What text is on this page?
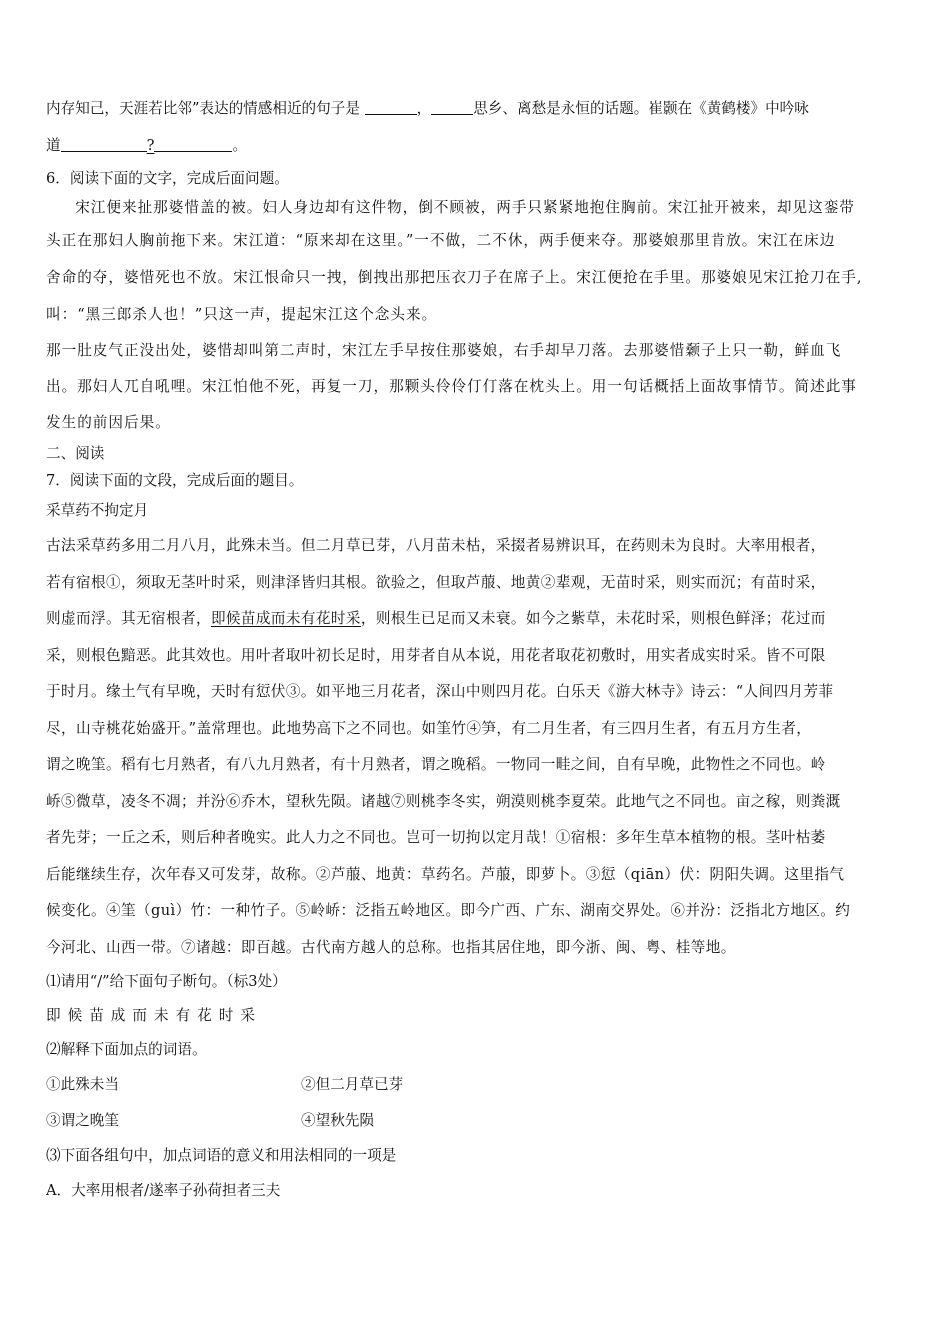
内存知己，天涯若比邻”表达的情感相近的句子是	，	思乡、离愁是永恒的话题。崔颢在《黄鹤楼》中吟咏
道	?	。
6．阅读下面的文字，完成后面问题。
宋江便来扯那婆惜盖的被。妇人身边却有这件物，倒不顾被，两手只紧紧地抱住胸前。宋江扯开被来，却见这銮带
头正在那妇人胸前拖下来。宋江道：“原来却在这里。”一不做，二不休，两手便来夺。那婆娘那里肯放。宋江在床边
舍命的夺，婆惜死也不放。宋江恨命只一拽，倒拽出那把压衣刀子在席子上。宋江便抢在手里。那婆娘见宋江抢刀在手,
叫：“黑三郎杀人也！”只这一声，提起宋江这个念头来。
那一肚皮气正没出处，婆惜却叫第二声时，宋江左手早按住那婆娘，右手却早刀落。去那婆惜颡子上只一勒，鲜血飞
出。那妇人兀自吼哩。宋江怕他不死，再复一刀，那颗头伶伶仃仃落在枕头上。用一句话概括上面故事情节。简述此事
发生的前因后果。
二、阅读
7．阅读下面的文段，完成后面的题目。
采草药不拘定月
古法采草药多用二月八月，此殊未当。但二月草已芽，八月苗未枯，采掇者易辨识耳，在药则未为良时。大率用根者，
若有宿根①，须取无茎叶时采，则津泽皆归其根。欲验之，但取芦菔、地黄②辈观，无苗时采，则实而沉；有苗时采，
则虚而浮。其无宿根者，即候苗成而未有花时采，则根生已足而又未衰。如今之紫草，未花时采，则根色鲜泽；花过而
采，则根色黯恶。此其效也。用叶者取叶初长足时，用芽者自从本说，用花者取花初敷时，用实者成实时采。皆不可限
于时月。缘土气有早晚，天时有愆伏③。如平地三月花者，深山中则四月花。白乐天《游大林寺》诗云：“人间四月芳菲
尽，山寺桃花始盛开。”盖常理也。此地势高下之不同也。如筀竹④笋，有二月生者，有三四月生者，有五月方生者，
谓之晚筀。稻有七月熟者，有八九月熟者，有十月熟者，谓之晚稻。一物同一畦之间，自有早晚，此物性之不同也。岭
峤⑤微草，凌冬不凋；并汾⑥乔木，望秋先陨。诸越⑦则桃李冬实，朔漠则桃李夏荣。此地气之不同也。亩之稼，则粪溉
者先芽；一丘之禾，则后种者晚实。此人力之不同也。岂可一切拘以定月哉！①宿根：多年生草本植物的根。茎叶枯萎
后能继续生存，次年春又可发芽，故称。②芦菔、地黄：草药名。芦菔，即萝卜。③愆（qiān）伏：阴阳失调。这里指气
候变化。④筀（guì）竹：一种竹子。⑤岭峤：泛指五岭地区。即今广西、广东、湖南交界处。⑥并汾：泛指北方地区。约
今河北、山西一带。⑦诸越：即百越。古代南方越人的总称。也指其居住地，即今浙、闽、粤、桂等地。
⑴请用“/”给下面句子断句。（标3处）
即候苗成而未有花时采
⑵解释下面加点的词语。
①此殊未当	②但二月草已芽
③谓之晚筀	④望秋先陨
⑶下面各组句中，加点词语的意义和用法相同的一项是
A．大率用根者/遂率子孙荷担者三夫
